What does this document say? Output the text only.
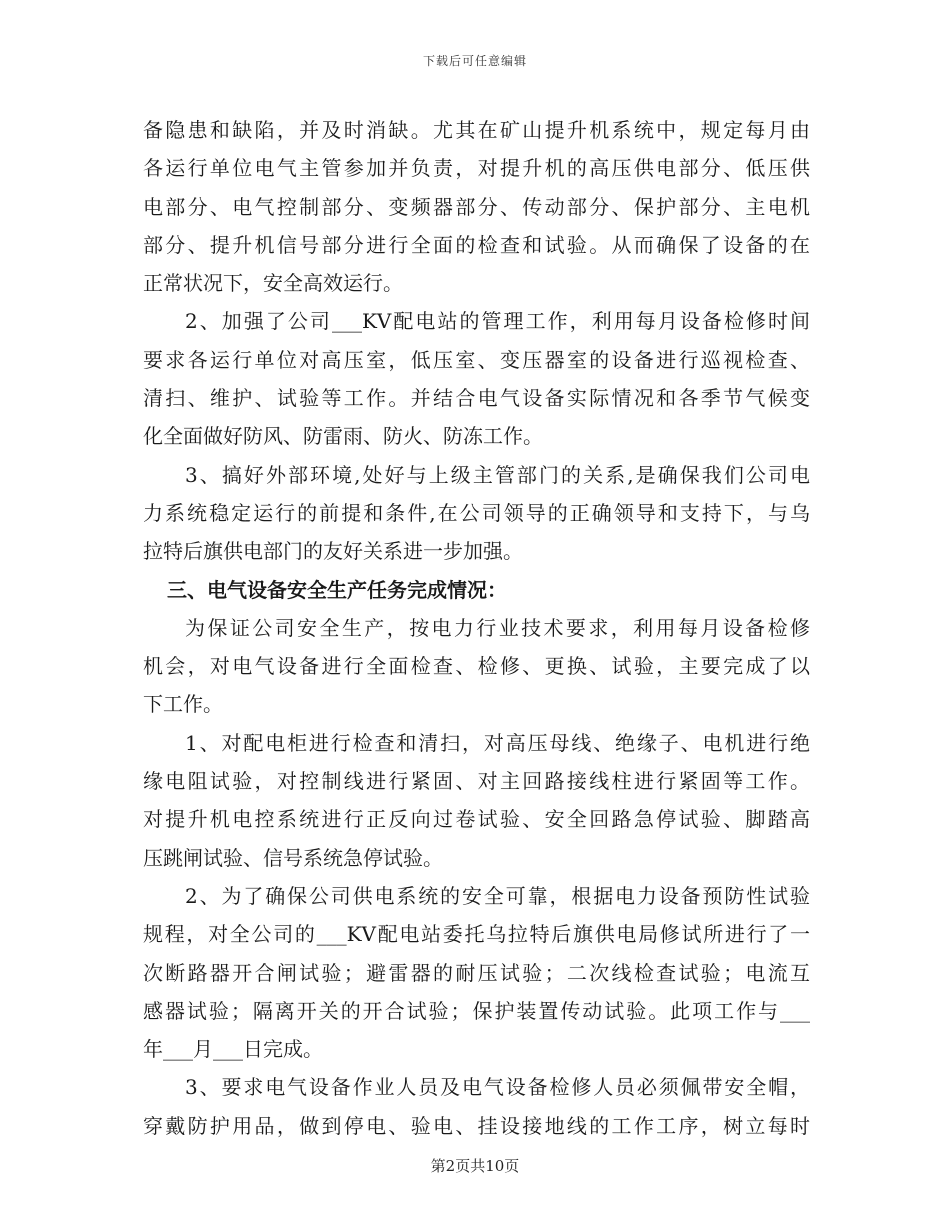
下载后可任意编辑
备隐患和缺陷，并及时消缺。尤其在矿山提升机系统中，规定每月由
各运行单位电气主管参加并负责，对提升机的高压供电部分、低压供
电部分、电气控制部分、变频器部分、传动部分、保护部分、主电机
部分、提升机信号部分进行全面的检查和试验。从而确保了设备的在
正常状况下，安全高效运行。
2、加强了公司___KV配电站的管理工作，利用每月设备检修时间
要求各运行单位对高压室，低压室、变压器室的设备进行巡视检查、
清扫、维护、试验等工作。并结合电气设备实际情况和各季节气候变
化全面做好防风、防雷雨、防火、防冻工作。
3、搞好外部环境,处好与上级主管部门的关系,是确保我们公司电
力系统稳定运行的前提和条件,在公司领导的正确领导和支持下，与乌
拉特后旗供电部门的友好关系进一步加强。
三、电气设备安全生产任务完成情况：
为保证公司安全生产，按电力行业技术要求，利用每月设备检修
机会，对电气设备进行全面检查、检修、更换、试验，主要完成了以
下工作。
1、对配电柜进行检查和清扫，对高压母线、绝缘子、电机进行绝
缘电阻试验，对控制线进行紧固、对主回路接线柱进行紧固等工作。
对提升机电控系统进行正反向过卷试验、安全回路急停试验、脚踏高
压跳闸试验、信号系统急停试验。
2、为了确保公司供电系统的安全可靠，根据电力设备预防性试验
规程，对全公司的___KV配电站委托乌拉特后旗供电局修试所进行了一
次断路器开合闸试验；避雷器的耐压试验；二次线检查试验；电流互
感器试验；隔离开关的开合试验；保护装置传动试验。此项工作与___
年___月___日完成。
3、要求电气设备作业人员及电气设备检修人员必须佩带安全帽，
穿戴防护用品，做到停电、验电、挂设接地线的工作工序，树立每时
第2页共10页
